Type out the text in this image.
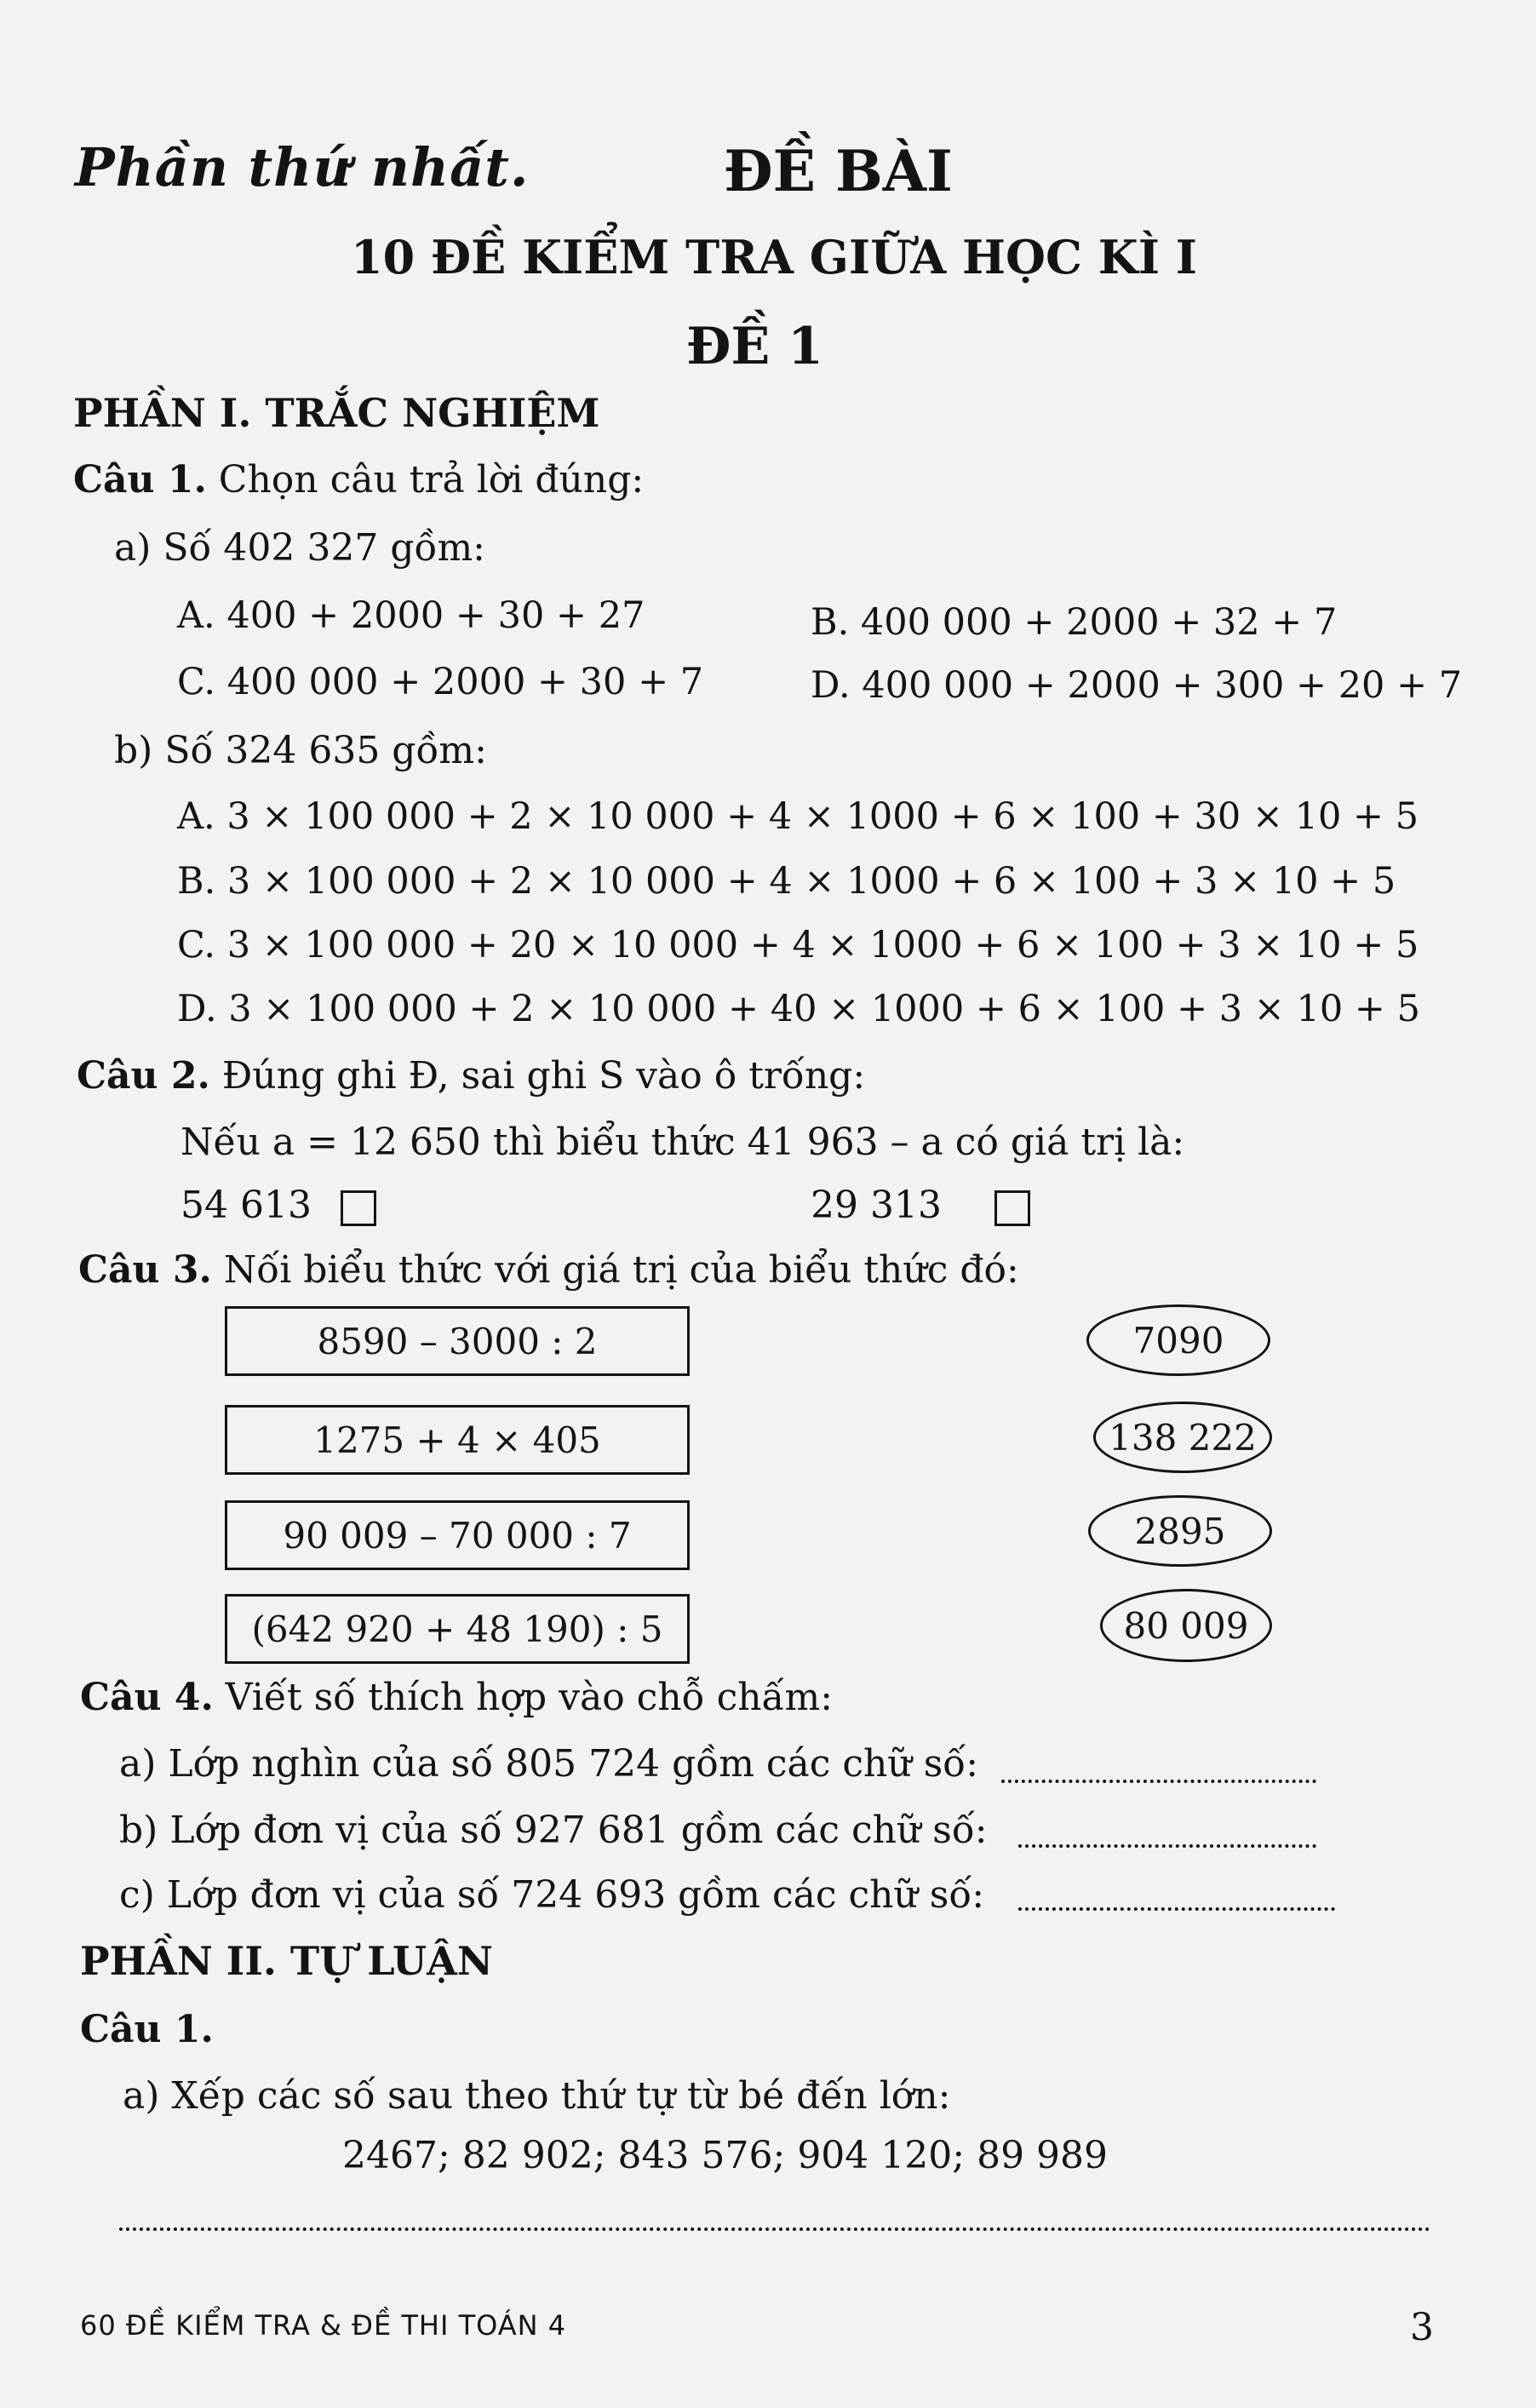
Phần thứ nhất.	ĐỀ BÀI
10 ĐỀ KIỂM TRA GIỮA HỌC KÌ I
ĐỀ 1
PHẦN I. TRẮC NGHIỆM
Câu 1. Chọn câu trả lời đúng:
a) Số 402 327 gồm:
A. 400 + 2000 + 30 + 27	B. 400 000 + 2000 + 32 + 7
C. 400 000 + 2000 + 30 + 7	D. 400 000 + 2000 + 300 + 20 + 7
b) Số 324 635 gồm:
A. 3 × 100 000 + 2 × 10 000 + 4 × 1000 + 6 × 100 + 30 × 10 + 5
B. 3 × 100 000 + 2 × 10 000 + 4 × 1000 + 6 × 100 + 3 × 10 + 5
C. 3 × 100 000 + 20 × 10 000 + 4 × 1000 + 6 × 100 + 3 × 10 + 5
D. 3 × 100 000 + 2 × 10 000 + 40 × 1000 + 6 × 100 + 3 × 10 + 5
Câu 2. Đúng ghi Đ, sai ghi S vào ô trống:
Nếu a = 12 650 thì biểu thức 41 963 – a có giá trị là:
54 613	29 313
Câu 3. Nối biểu thức với giá trị của biểu thức đó:
8590 – 3000 : 2
1275 + 4 × 405
90 009 – 70 000 : 7
(642 920 + 48 190) : 5
7090
138 222
2895
80 009
Câu 4. Viết số thích hợp vào chỗ chấm:
a) Lớp nghìn của số 805 724 gồm các chữ số:
b) Lớp đơn vị của số 927 681 gồm các chữ số:
c) Lớp đơn vị của số 724 693 gồm các chữ số:
PHẦN II. TỰ LUẬN
Câu 1.
a) Xếp các số sau theo thứ tự từ bé đến lớn:
2467; 82 902; 843 576; 904 120; 89 989
60 ĐỀ KIỂM TRA & ĐỀ THI TOÁN 4	3
